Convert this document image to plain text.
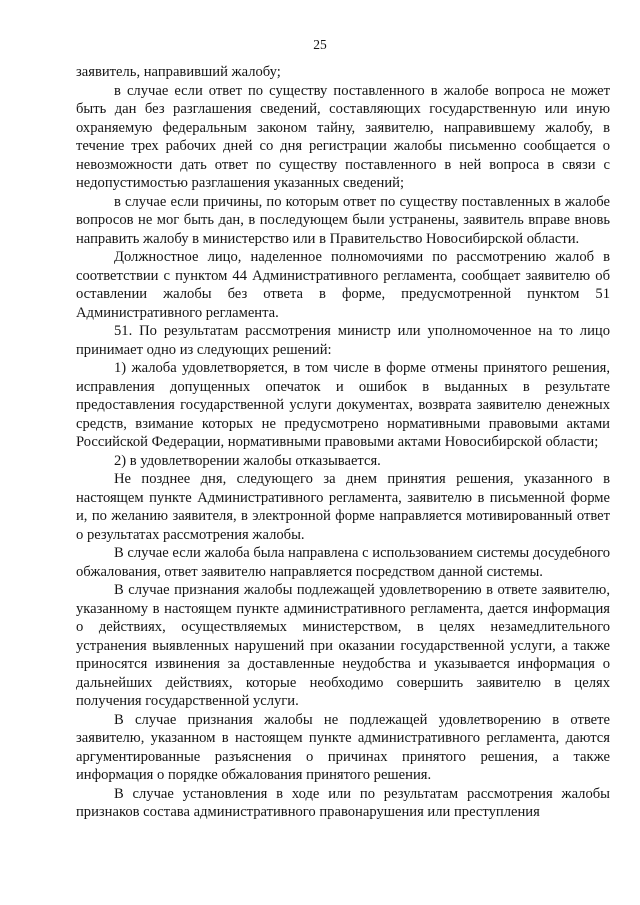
25

заявитель, направивший жалобу;

в случае если ответ по существу поставленного в жалобе вопроса не может быть дан без разглашения сведений, составляющих государственную или иную охраняемую федеральным законом тайну, заявителю, направившему жалобу, в течение трех рабочих дней со дня регистрации жалобы письменно сообщается о невозможности дать ответ по существу поставленного в ней вопроса в связи с недопустимостью разглашения указанных сведений;

в случае если причины, по которым ответ по существу поставленных в жалобе вопросов не мог быть дан, в последующем были устранены, заявитель вправе вновь направить жалобу в министерство или в Правительство Новосибирской области.

Должностное лицо, наделенное полномочиями по рассмотрению жалоб в соответствии с пунктом 44 Административного регламента, сообщает заявителю об оставлении жалобы без ответа в форме, предусмотренной пунктом 51 Административного регламента.

51. По результатам рассмотрения министр или уполномоченное на то лицо принимает одно из следующих решений:

1) жалоба удовлетворяется, в том числе в форме отмены принятого решения, исправления допущенных опечаток и ошибок в выданных в результате предоставления государственной услуги документах, возврата заявителю денежных средств, взимание которых не предусмотрено нормативными правовыми актами Российской Федерации, нормативными правовыми актами Новосибирской области;

2) в удовлетворении жалобы отказывается.

Не позднее дня, следующего за днем принятия решения, указанного в настоящем пункте Административного регламента, заявителю в письменной форме и, по желанию заявителя, в электронной форме направляется мотивированный ответ о результатах рассмотрения жалобы.

В случае если жалоба была направлена с использованием системы досудебного обжалования, ответ заявителю направляется посредством данной системы.

В случае признания жалобы подлежащей удовлетворению в ответе заявителю, указанному в настоящем пункте административного регламента, дается информация о действиях, осуществляемых министерством, в целях незамедлительного устранения выявленных нарушений при оказании государственной услуги, а также приносятся извинения за доставленные неудобства и указывается информация о дальнейших действиях, которые необходимо совершить заявителю в целях получения государственной услуги.

В случае признания жалобы не подлежащей удовлетворению в ответе заявителю, указанном в настоящем пункте административного регламента, даются аргументированные разъяснения о причинах принятого решения, а также информация о порядке обжалования принятого решения.

В случае установления в ходе или по результатам рассмотрения жалобы признаков состава административного правонарушения или преступления
